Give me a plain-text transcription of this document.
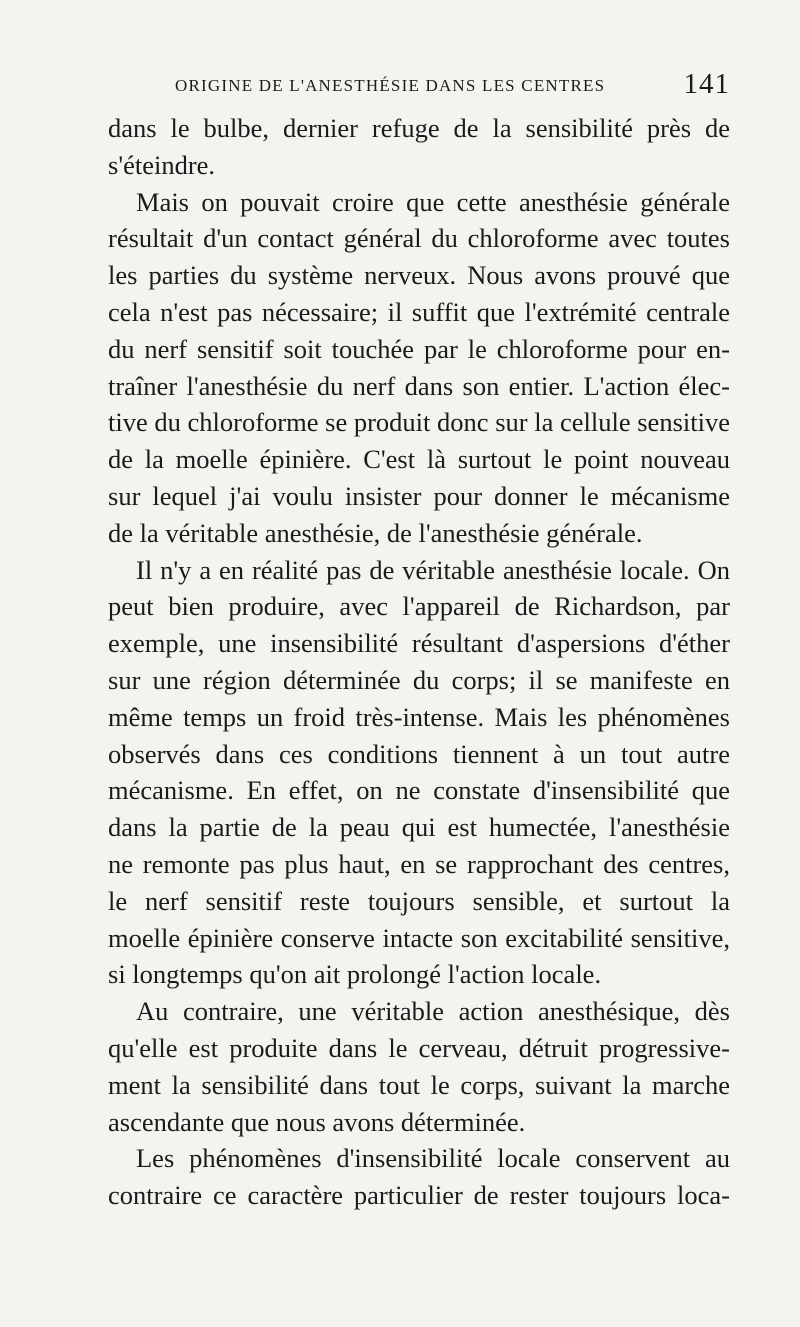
ORIGINE DE L'ANESTHÉSIE DANS LES CENTRES	141
dans le bulbe, dernier refuge de la sensibilité près de
s'éteindre.
Mais on pouvait croire que cette anesthésie générale
résultait d'un contact général du chloroforme avec toutes
les parties du système nerveux. Nous avons prouvé que
cela n'est pas nécessaire; il suffit que l'extrémité centrale
du nerf sensitif soit touchée par le chloroforme pour en-
traîner l'anesthésie du nerf dans son entier. L'action élec-
tive du chloroforme se produit donc sur la cellule sensitive
de la moelle épinière. C'est là surtout le point nouveau
sur lequel j'ai voulu insister pour donner le mécanisme
de la véritable anesthésie, de l'anesthésie générale.
Il n'y a en réalité pas de véritable anesthésie locale. On
peut bien produire, avec l'appareil de Richardson, par
exemple, une insensibilité résultant d'aspersions d'éther
sur une région déterminée du corps; il se manifeste en
même temps un froid très-intense. Mais les phénomènes
observés dans ces conditions tiennent à un tout autre
mécanisme. En effet, on ne constate d'insensibilité que
dans la partie de la peau qui est humectée, l'anesthésie
ne remonte pas plus haut, en se rapprochant des centres,
le nerf sensitif reste toujours sensible, et surtout la
moelle épinière conserve intacte son excitabilité sensitive,
si longtemps qu'on ait prolongé l'action locale.
Au contraire, une véritable action anesthésique, dès
qu'elle est produite dans le cerveau, détruit progressive-
ment la sensibilité dans tout le corps, suivant la marche
ascendante que nous avons déterminée.
Les phénomènes d'insensibilité locale conservent au
contraire ce caractère particulier de rester toujours loca-
